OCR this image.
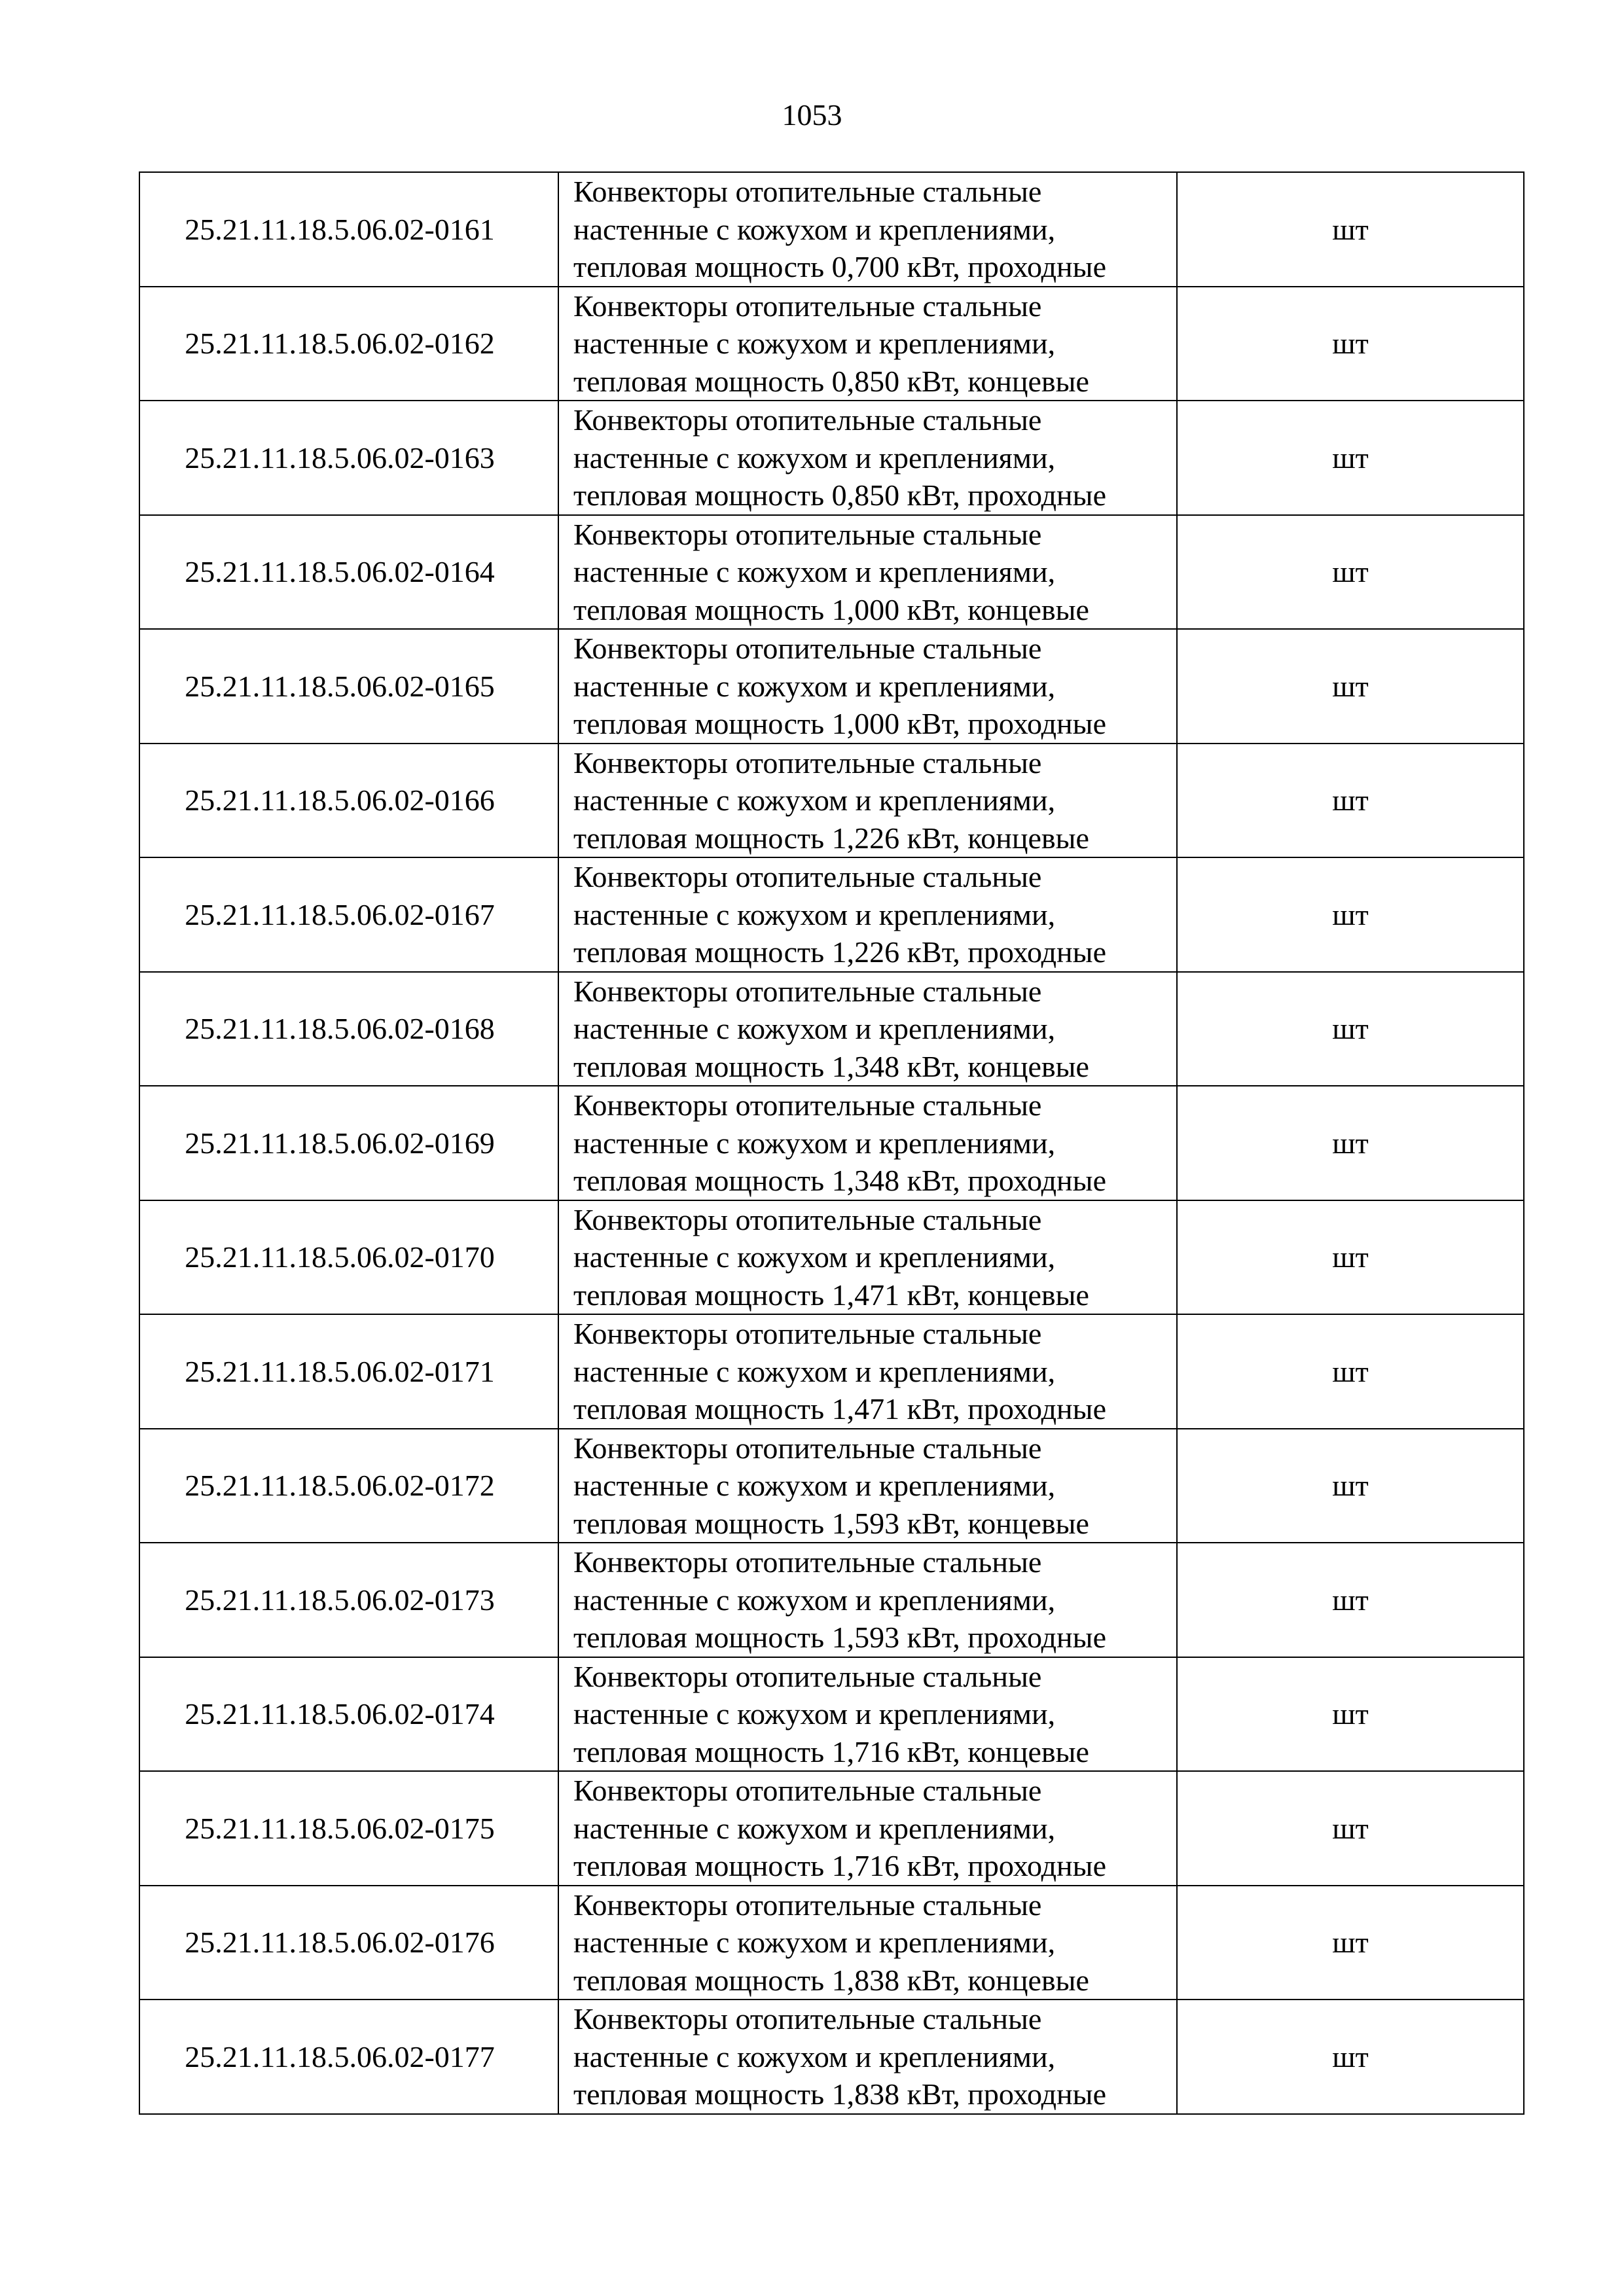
1053
25.21.11.18.5.06.02-0161	Конвекторы отопительные стальные
настенные с кожухом и креплениями,
тепловая мощность 0,700 кВт, проходные	шт
25.21.11.18.5.06.02-0162	Конвекторы отопительные стальные
настенные с кожухом и креплениями,
тепловая мощность 0,850 кВт, концевые	шт
25.21.11.18.5.06.02-0163	Конвекторы отопительные стальные
настенные с кожухом и креплениями,
тепловая мощность 0,850 кВт, проходные	шт
25.21.11.18.5.06.02-0164	Конвекторы отопительные стальные
настенные с кожухом и креплениями,
тепловая мощность 1,000 кВт, концевые	шт
25.21.11.18.5.06.02-0165	Конвекторы отопительные стальные
настенные с кожухом и креплениями,
тепловая мощность 1,000 кВт, проходные	шт
25.21.11.18.5.06.02-0166	Конвекторы отопительные стальные
настенные с кожухом и креплениями,
тепловая мощность 1,226 кВт, концевые	шт
25.21.11.18.5.06.02-0167	Конвекторы отопительные стальные
настенные с кожухом и креплениями,
тепловая мощность 1,226 кВт, проходные	шт
25.21.11.18.5.06.02-0168	Конвекторы отопительные стальные
настенные с кожухом и креплениями,
тепловая мощность 1,348 кВт, концевые	шт
25.21.11.18.5.06.02-0169	Конвекторы отопительные стальные
настенные с кожухом и креплениями,
тепловая мощность 1,348 кВт, проходные	шт
25.21.11.18.5.06.02-0170	Конвекторы отопительные стальные
настенные с кожухом и креплениями,
тепловая мощность 1,471 кВт, концевые	шт
25.21.11.18.5.06.02-0171	Конвекторы отопительные стальные
настенные с кожухом и креплениями,
тепловая мощность 1,471 кВт, проходные	шт
25.21.11.18.5.06.02-0172	Конвекторы отопительные стальные
настенные с кожухом и креплениями,
тепловая мощность 1,593 кВт, концевые	шт
25.21.11.18.5.06.02-0173	Конвекторы отопительные стальные
настенные с кожухом и креплениями,
тепловая мощность 1,593 кВт, проходные	шт
25.21.11.18.5.06.02-0174	Конвекторы отопительные стальные
настенные с кожухом и креплениями,
тепловая мощность 1,716 кВт, концевые	шт
25.21.11.18.5.06.02-0175	Конвекторы отопительные стальные
настенные с кожухом и креплениями,
тепловая мощность 1,716 кВт, проходные	шт
25.21.11.18.5.06.02-0176	Конвекторы отопительные стальные
настенные с кожухом и креплениями,
тепловая мощность 1,838 кВт, концевые	шт
25.21.11.18.5.06.02-0177	Конвекторы отопительные стальные
настенные с кожухом и креплениями,
тепловая мощность 1,838 кВт, проходные	шт
